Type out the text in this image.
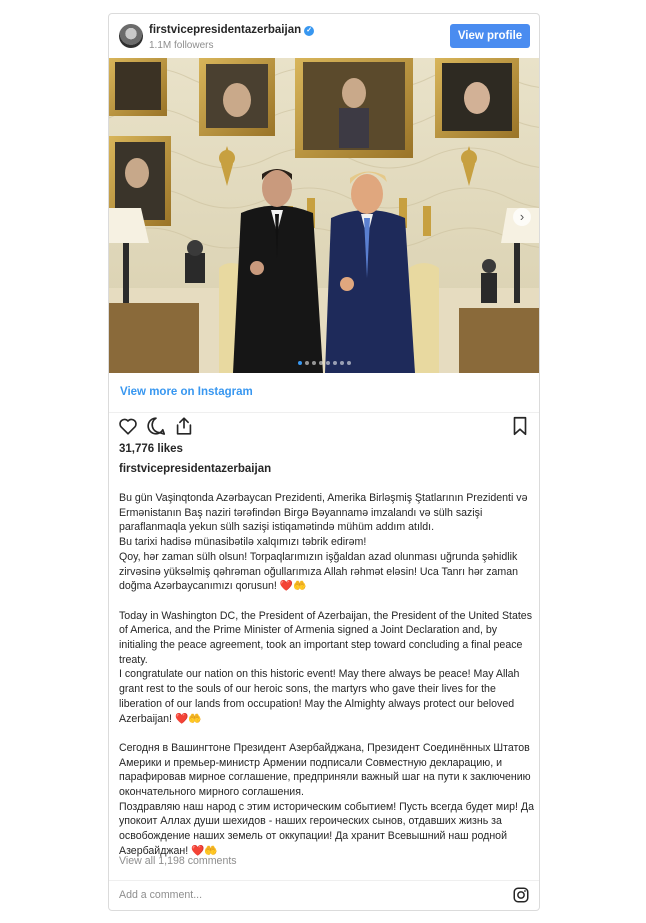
firstvicepresidentazerbaijan ✓
1.1M followers
View profile
›
View more on Instagram
31,776 likes
firstvicepresidentazerbaijan

Bu gün Vaşinqtonda Azərbaycan Prezidenti, Amerika Birləşmiş Ştatlarının Prezidenti və Ermənistanın Baş naziri tərəfindən Birgə Bəyannamə imzalandı və sülh sazişi paraflanmaqla yekun sülh sazişi istiqamətində mühüm addım atıldı.
Bu tarixi hadisə münasibətilə xalqımızı təbrik edirəm!
Qoy, hər zaman sülh olsun! Torpaqlarımızın işğaldan azad olunması uğrunda şəhidlik zirvəsinə yüksəlmiş qəhrəman oğullarımıza Allah rəhmət eləsin! Uca Tanrı hər zaman doğma Azərbaycanımızı qorusun! ❤️🤲

Today in Washington DC, the President of Azerbaijan, the President of the United States of America, and the Prime Minister of Armenia signed a Joint Declaration and, by initialing the peace agreement, took an important step toward concluding a final peace treaty.
I congratulate our nation on this historic event! May there always be peace! May Allah grant rest to the souls of our heroic sons, the martyrs who gave their lives for the liberation of our lands from occupation! May the Almighty always protect our beloved Azerbaijan! ❤️🤲

Сегодня в Вашингтоне Президент Азербайджана, Президент Соединённых Штатов Америки и премьер-министр Армении подписали Совместную декларацию, и парафировав мирное соглашение, предприняли важный шаг на пути к заключению окончательного мирного соглашения.
Поздравляю наш народ с этим историческим событием! Пусть всегда будет мир! Да упокоит Аллах души шехидов - наших героических сынов, отдавших жизнь за освобождение наших земель от оккупации! Да хранит Всевышний наш родной Азербайджан! ❤️🤲

View all 1,198 comments
Add a comment...
